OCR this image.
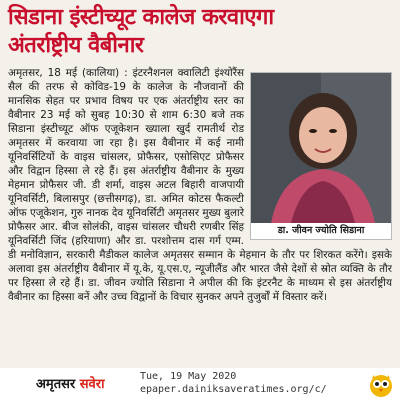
सिडाना इंस्टीच्यूट कालेज करवाएगा
अंतर्राष्ट्रीय वैबीनार
डा. जीवन ज्योति सिडाना
अमृतसर, 18 मई (कालिया) : इंटरनैशनल क्वालिटी इंश्योरैंस सैल की तरफ से कोविड-19 के कालेज के नौजवानों की मानसिक सेहत पर प्रभाव विषय पर एक अंतर्राष्ट्रीय स्तर का वैबीनार 23 मई को सुबह 10:30 से शाम 6:30 बजे तक सिडाना इंस्टीच्यूट ऑफ एजूकेशन ख्याला खुर्द रामतीर्थ रोड अमृतसर में करवाया जा रहा है। इस वैबीनार में कई नामी यूनिवर्सिटियों के वाइस चांसलर, प्रोफैसर, एसोसिएट प्रोफैसर और विद्वान हिस्सा ले रहे हैं। इस अंतर्राष्ट्रीय वैबीनार के मुख्य मेहमान प्रोफैसर जी. डी शर्मा, वाइस अटल बिहारी वाजपायी यूनिवर्सिटी, बिलासपुर (छत्तीसगढ़), डा. अमित कोटस फैकल्टी ऑफ एजूकेशन, गुरु नानक देव यूनिवर्सिटी अमृतसर मुख्य बुलारे प्रोफैसर आर. बीज सोलंकी, वाइस चांसलर चौधरी रणबीर सिंह यूनिवर्सिटी जिंद (हरियाणा) और डा. परशोत्तम दास गर्ग एम्म. डी मनोविज्ञान, सरकारी मैडीकल कालेज अमृतसर सम्मान के मेहमान के तौर पर शिरकत करेंगे। इसके अलावा इस अंतर्राष्ट्रीय वैबीनार में यू.के, यू.एस.ए, न्यूजीलैंड और भारत जैसे देशों से स्रोत व्यक्ति के तौर पर हिस्सा ले रहे हैं। डा. जीवन ज्योति सिडाना ने अपील की कि इंटरनैट के माध्यम से इस अंतर्राष्ट्रीय वैबीनार का हिस्सा बनें और उच्च विद्वानों के विचार सुनकर अपने तुजुर्बों में विस्तार करें।
अमृतसर सवेरा
Tue, 19 May 2020
epaper.dainiksaveratimes.org/c/
